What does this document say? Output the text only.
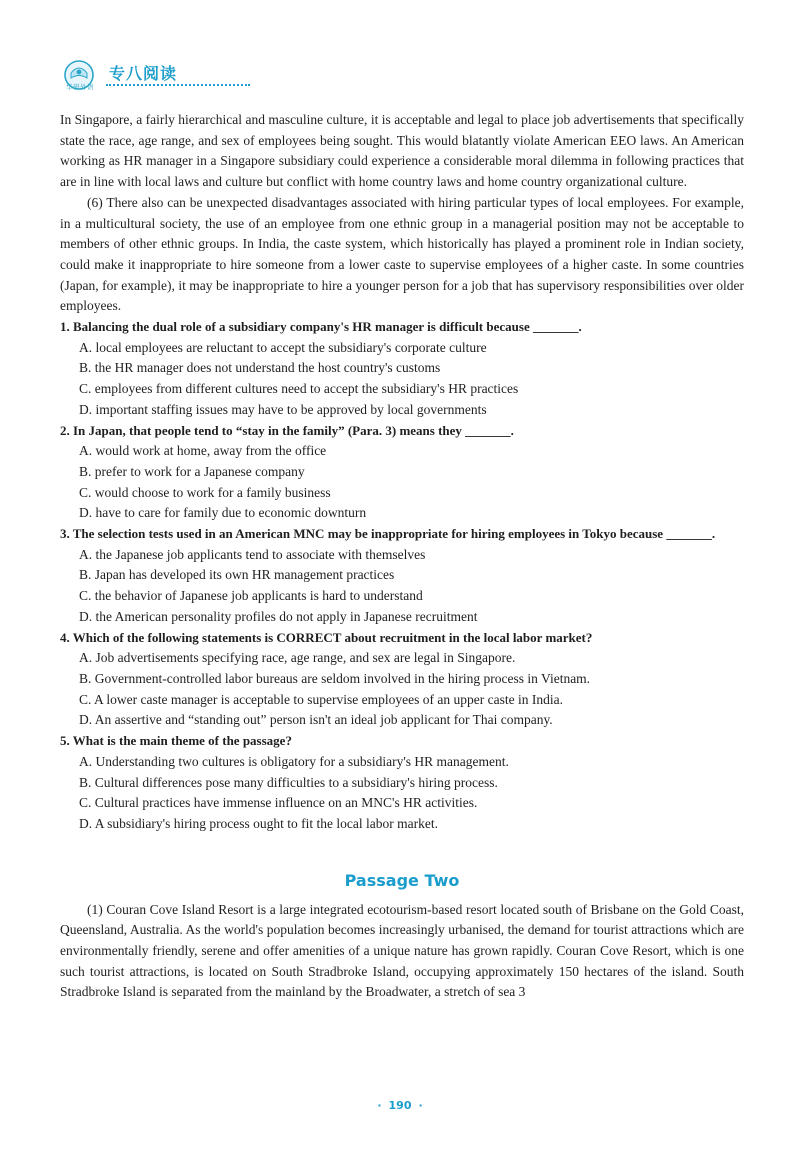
华研外语
专八阅读

In Singapore, a fairly hierarchical and masculine culture, it is acceptable and legal to place job advertisements that specifically state the race, age range, and sex of employees being sought. This would blatantly violate American EEO laws. An American working as HR manager in a Singapore subsidiary could experience a considerable moral dilemma in following practices that are in line with local laws and culture but conflict with home country laws and home country organizational culture.

(6) There also can be unexpected disadvantages associated with hiring particular types of local employees. For example, in a multicultural society, the use of an employee from one ethnic group in a managerial position may not be acceptable to members of other ethnic groups. In India, the caste system, which historically has played a prominent role in Indian society, could make it inappropriate to hire someone from a lower caste to supervise employees of a higher caste. In some countries (Japan, for example), it may be inappropriate to hire a younger person for a job that has supervisory responsibilities over older employees.

1. Balancing the dual role of a subsidiary company's HR manager is difficult because _______.

A. local employees are reluctant to accept the subsidiary's corporate culture

B. the HR manager does not understand the host country's customs

C. employees from different cultures need to accept the subsidiary's HR practices

D. important staffing issues may have to be approved by local governments

2. In Japan, that people tend to “stay in the family” (Para. 3) means they _______.

A. would work at home, away from the office

B. prefer to work for a Japanese company

C. would choose to work for a family business

D. have to care for family due to economic downturn

3. The selection tests used in an American MNC may be inappropriate for hiring employees in Tokyo because _______.

A. the Japanese job applicants tend to associate with themselves

B. Japan has developed its own HR management practices

C. the behavior of Japanese job applicants is hard to understand

D. the American personality profiles do not apply in Japanese recruitment

4. Which of the following statements is CORRECT about recruitment in the local labor market?

A. Job advertisements specifying race, age range, and sex are legal in Singapore.

B. Government-controlled labor bureaus are seldom involved in the hiring process in Vietnam.

C. A lower caste manager is acceptable to supervise employees of an upper caste in India.

D. An assertive and “standing out” person isn't an ideal job applicant for Thai company.

5. What is the main theme of the passage?

A. Understanding two cultures is obligatory for a subsidiary's HR management.

B. Cultural differences pose many difficulties to a subsidiary's hiring process.

C. Cultural practices have immense influence on an MNC's HR activities.

D. A subsidiary's hiring process ought to fit the local labor market.

Passage Two

(1) Couran Cove Island Resort is a large integrated ecotourism-based resort located south of Brisbane on the Gold Coast, Queensland, Australia. As the world's population becomes increasingly urbanised, the demand for tourist attractions which are environmentally friendly, serene and offer amenities of a unique nature has grown rapidly. Couran Cove Resort, which is one such tourist attractions, is located on South Stradbroke Island, occupying approximately 150 hectares of the island. South Stradbroke Island is separated from the mainland by the Broadwater, a stretch of sea 3

· 190 ·
